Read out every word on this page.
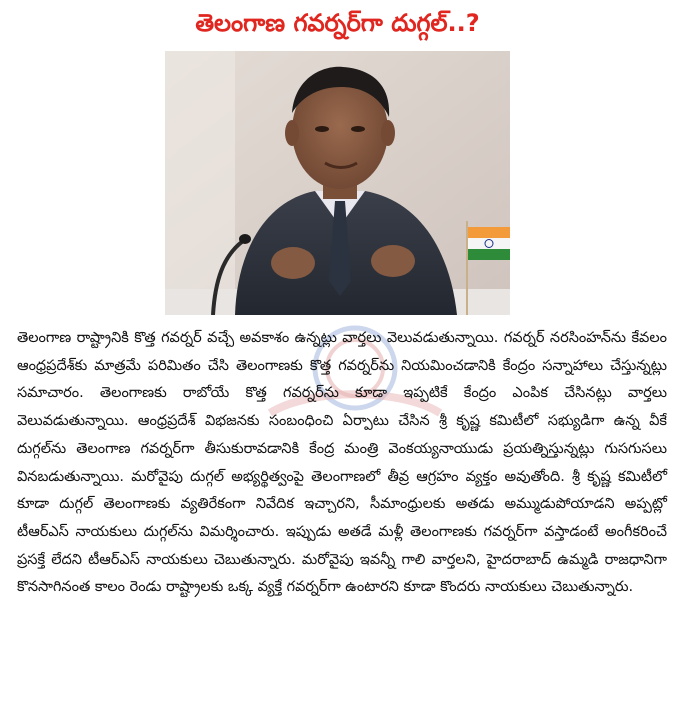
తెలంగాణ గవర్నర్‌గా దుగ్గల్..?

తెలంగాణ రాష్ట్రానికి కొత్త గవర్నర్ వచ్చే అవకాశం ఉన్నట్లు వార్తలు వెలువడుతున్నాయి. గవర్నర్ నరసింహన్‌ను కేవలం ఆంధ్రప్రదేశ్‌కు మాత్రమే పరిమితం చేసి తెలంగాణకు కొత్త గవర్నర్‌ను నియమించడానికి కేంద్రం సన్నాహాలు చేస్తున్నట్లు సమాచారం. తెలంగాణకు రాబోయే కొత్త గవర్నర్‌ను కూడా ఇప్పటికే కేంద్రం ఎంపిక చేసినట్లు వార్తలు వెలువడుతున్నాయి. ఆంధ్రప్రదేశ్ విభజనకు సంబంధించి ఏర్పాటు చేసిన శ్రీ కృష్ణ కమిటీలో సభ్యుడిగా ఉన్న వీకే దుగ్గల్‌ను తెలంగాణ గవర్నర్‌గా తీసుకురావడానికి కేంద్ర మంత్రి వెంకయ్యనాయుడు ప్రయత్నిస్తున్నట్లు గుసగుసలు వినబడుతున్నాయి. మరోవైపు దుగ్గల్ అభ్యర్థిత్వంపై తెలంగాణలో తీవ్ర ఆగ్రహం వ్యక్తం అవుతోంది. శ్రీ కృష్ణ కమిటీలో కూడా దుగ్గల్ తెలంగాణకు వ్యతిరేకంగా నివేదిక ఇచ్చారని, సీమాంధ్రులకు అతడు అమ్ముడుపోయాడని అప్పట్లో టీఆర్ఎస్ నాయకులు దుగ్గల్‌ను విమర్శించారు. ఇప్పుడు అతడే మళ్లీ తెలంగాణకు గవర్నర్‌గా వస్తాడంటే అంగీకరించే ప్రసక్తే లేదని టీఆర్ఎస్ నాయకులు చెబుతున్నారు. మరోవైపు ఇవన్నీ గాలి వార్తలని, హైదరాబాద్ ఉమ్మడి రాజధానిగా కొనసాగినంత కాలం రెండు రాష్ట్రాలకు ఒక్క వ్యక్తే గవర్నర్‌గా ఉంటారని కూడా కొందరు నాయకులు చెబుతున్నారు.
